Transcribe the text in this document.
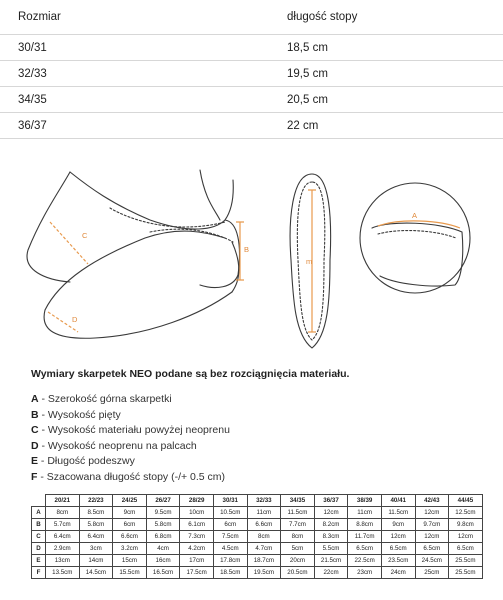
Rozmiar	długość stopy
30/31	18,5 cm
32/33	19,5 cm
34/35	20,5 cm
36/37	22 cm
C
B
D
m
A
Wymiary skarpetek NEO podane są bez rozciągnięcia materiału.
A - Szerokość górna skarpetki
B - Wysokość pięty
C - Wysokość materiału powyżej neoprenu
D - Wysokość neoprenu na palcach
E - Długość podeszwy
F - Szacowana długość stopy (-/+ 0.5 cm)
	20/21	22/23	24/25	26/27	28/29	30/31	32/33	34/35	36/37	38/39	40/41	42/43	44/45
A	8cm	8.5cm	9cm	9.5cm	10cm	10.5cm	11cm	11.5cm	12cm	11cm	11.5cm	12cm	12.5cm
B	5.7cm	5.8cm	6cm	5.8cm	6.1cm	6cm	6.6cm	7.7cm	8.2cm	8.8cm	9cm	9.7cm	9.8cm
C	6.4cm	6.4cm	6.6cm	6.8cm	7.3cm	7.5cm	8cm	8cm	8.3cm	11.7cm	12cm	12cm	12cm
D	2.9cm	3cm	3.2cm	4cm	4.2cm	4.5cm	4.7cm	5cm	5.5cm	6.5cm	6.5cm	6.5cm	6.5cm
E	13cm	14cm	15cm	16cm	17cm	17.8cm	18.7cm	20cm	21.5cm	22.5cm	23.5cm	24.5cm	25.5cm
F	13.5cm	14.5cm	15.5cm	16.5cm	17.5cm	18.5cm	19.5cm	20.5cm	22cm	23cm	24cm	25cm	25.5cm
